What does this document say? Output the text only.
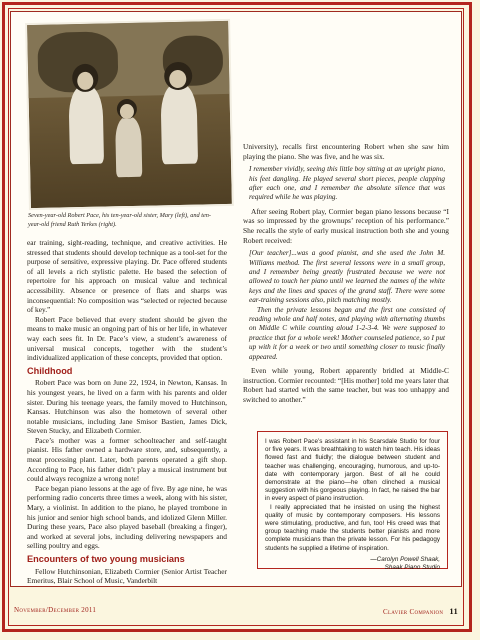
Seven-year-old Robert Pace, his ten-year-old sister, Mary (left), and ten-year-old friend Ruth Yerkes (right).

ear training, sight-reading, technique, and creative activities. He stressed that students should develop technique as a tool-set for the purpose of sensitive, expressive playing. Dr. Pace offered students of all levels a rich stylistic palette. He based the selection of repertoire for his approach on musical value and technical accessibility. Absence or presence of flats and sharps was inconsequential: No composition was “selected or rejected because of key.”

Robert Pace believed that every student should be given the means to make music an ongoing part of his or her life, in whatever way each sees fit. In Dr. Pace’s view, a student’s awareness of universal musical concepts, together with the student’s individualized application of these concepts, provided that option.

Childhood

Robert Pace was born on June 22, 1924, in Newton, Kansas. In his youngest years, he lived on a farm with his parents and older sister. During his teenage years, the family moved to Hutchinson, Kansas. Hutchinson was also the hometown of several other notable musicians, including Jane Smisor Bastien, James Dick, Steven Stucky, and Elizabeth Cormier.

Pace’s mother was a former schoolteacher and self-taught pianist. His father owned a hardware store, and, subsequently, a meat processing plant. Later, both parents operated a gift shop. According to Pace, his father didn’t play a musical instrument but could always recognize a wrong note!

Pace began piano lessons at the age of five. By age nine, he was performing radio concerts three times a week, along with his sister, Mary, a violinist. In addition to the piano, he played trombone in his junior and senior high school bands, and idolized Glenn Miller. During these years, Pace also played baseball (breaking a finger), and worked at several jobs, including delivering newspapers and selling poultry and eggs.

Encounters of two young musicians

Fellow Hutchinsonian, Elizabeth Cormier (Senior Artist Teacher Emeritus, Blair School of Music, Vanderbilt

University), recalls first encountering Robert when she saw him playing the piano. She was five, and he was six.

I remember vividly, seeing this little boy sitting at an upright piano, his feet dangling. He played several short pieces, people clapping after each one, and I remember the absolute silence that was required while he was playing.

After seeing Robert play, Cormier began piano lessons because “I was so impressed by the grownups’ reception of his performance.” She recalls the style of early musical instruction both she and young Robert received:

[Our teacher]...was a good pianist, and she used the John M. Williams method. The first several lessons were in a small group, and I remember being greatly frustrated because we were not allowed to touch her piano until we learned the names of the white keys and the lines and spaces of the grand staff. There were some ear-training sessions also, pitch matching mostly.

Then the private lessons began and the first one consisted of reading whole and half notes, and playing with alternating thumbs on Middle C while counting aloud 1-2-3-4. We were supposed to practice that for a whole week! Mother counseled patience, so I put up with it for a week or two until something closer to music finally appeared.

Even while young, Robert apparently bridled at Middle-C instruction. Cormier recounted: “[His mother] told me years later that Robert had started with the same teacher, but was too unhappy and switched to another.”

I was Robert Pace’s assistant in his Scarsdale Studio for four or five years. It was breathtaking to watch him teach. His ideas flowed fast and fluidly; the dialogue between student and teacher was challenging, encouraging, humorous, and up-to-date with contemporary jargon. Best of all he could demonstrate at the piano—he often clinched a musical suggestion with his gorgeous playing. In fact, he raised the bar in every aspect of piano instruction.

I really appreciated that he insisted on using the highest quality of music by contemporary composers. His lessons were stimulating, productive, and fun, too! His creed was that group teaching made the students better pianists and more complete musicians than the private lesson. For his pedagogy students he supplied a lifetime of inspiration.

—Carolyn Powell Shaak,
Shaak Piano Studio
November/December 2011	Clavier Companion 11
